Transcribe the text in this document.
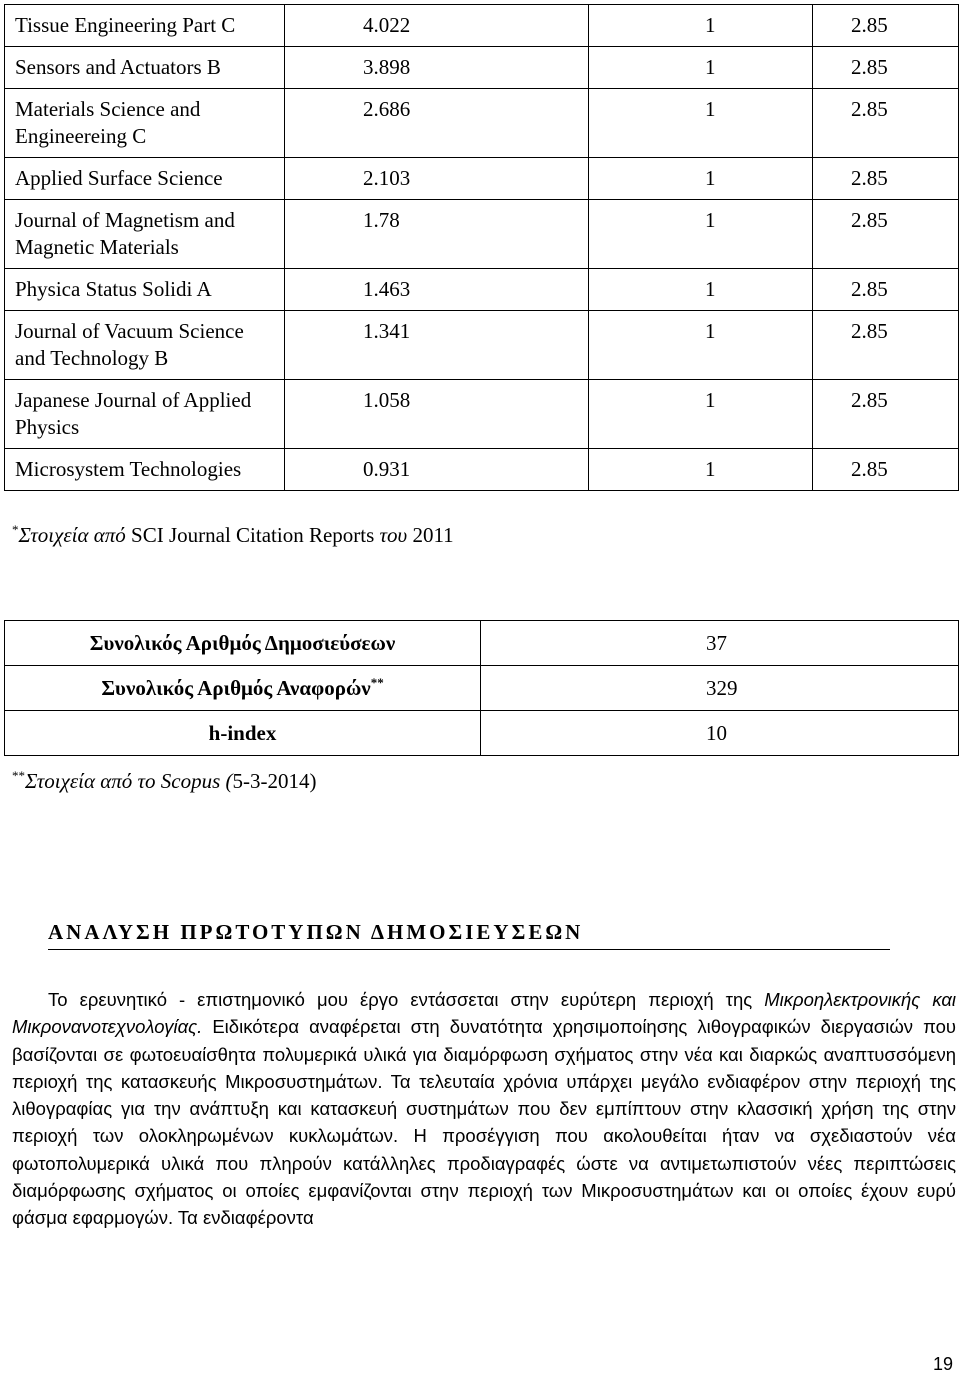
Tissue Engineering Part C	4.022	1	2.85
Sensors and Actuators B	3.898	1	2.85
Materials Science and Engineereing C	2.686	1	2.85
Applied Surface Science	2.103	1	2.85
Journal of Magnetism and Magnetic Materials	1.78	1	2.85
Physica Status Solidi A	1.463	1	2.85
Journal of Vacuum Science and Technology B	1.341	1	2.85
Japanese Journal of Applied Physics	1.058	1	2.85
Microsystem Technologies	0.931	1	2.85
*Στοιχεία από SCI Journal Citation Reports του 2011
Συνολικός Αριθμός Δημοσιεύσεων	37
Συνολικός Αριθμός Αναφορών**	329
h-index	10
**Στοιχεία από το Scopus (5-3-2014)
ΑΝΑΛΥΣΗ ΠΡΩΤΟΤΥΠΩΝ ΔΗΜΟΣΙΕΥΣΕΩΝ
Το ερευνητικό - επιστημονικό μου έργο εντάσσεται στην ευρύτερη περιοχή της Μικροηλεκτρονικής και Μικρονανοτεχνολογίας. Ειδικότερα αναφέρεται στη δυνατότητα χρησιμοποίησης λιθογραφικών διεργασιών που βασίζονται σε φωτοευαίσθητα πολυμερικά υλικά για διαμόρφωση σχήματος στην νέα και διαρκώς αναπτυσσόμενη περιοχή της κατασκευής Μικροσυστημάτων. Τα τελευταία χρόνια υπάρχει μεγάλο ενδιαφέρον στην περιοχή της λιθογραφίας για την ανάπτυξη και κατασκευή συστημάτων που δεν εμπίπτουν στην κλασσική χρήση της στην περιοχή των ολοκληρωμένων κυκλωμάτων. Η προσέγγιση που ακολουθείται ήταν να σχεδιαστούν νέα φωτοπολυμερικά υλικά που πληρούν κατάλληλες προδιαγραφές ώστε να αντιμετωπιστούν νέες περιπτώσεις διαμόρφωσης σχήματος οι οποίες εμφανίζονται στην περιοχή των Μικροσυστημάτων και οι οποίες έχουν ευρύ φάσμα εφαρμογών. Τα ενδιαφέροντα
19
